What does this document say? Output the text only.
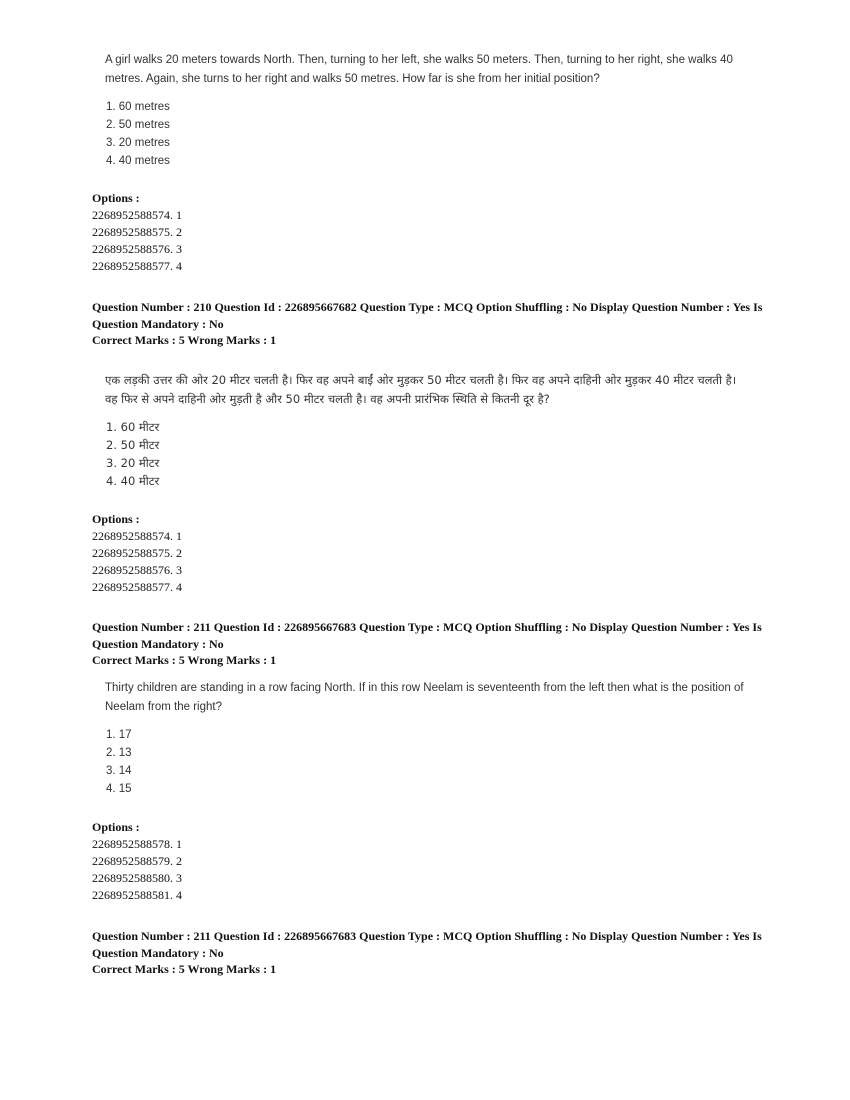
A girl walks 20 meters towards North. Then, turning to her left, she walks 50 meters. Then, turning to her right, she walks 40 metres. Again, she turns to her right and walks 50 metres. How far is she from her initial position?
1. 60 metres
2. 50 metres
3. 20 metres
4. 40 metres
Options :
2268952588574. 1
2268952588575. 2
2268952588576. 3
2268952588577. 4
Question Number : 210 Question Id : 226895667682 Question Type : MCQ Option Shuffling : No Display Question Number : Yes Is
Question Mandatory : No
Correct Marks : 5 Wrong Marks : 1
एक लड़की उत्तर की ओर 20 मीटर चलती है। फिर वह अपने बाईं ओर मुड़कर 50 मीटर चलती है। फिर वह अपने दाहिनी ओर मुड़कर 40 मीटर चलती है। वह फिर से अपने दाहिनी ओर मुड़ती है और 50 मीटर चलती है। वह अपनी प्रारंभिक स्थिति से कितनी दूर है?
1. 60 मीटर
2. 50 मीटर
3. 20 मीटर
4. 40 मीटर
Options :
2268952588574. 1
2268952588575. 2
2268952588576. 3
2268952588577. 4
Question Number : 211 Question Id : 226895667683 Question Type : MCQ Option Shuffling : No Display Question Number : Yes Is
Question Mandatory : No
Correct Marks : 5 Wrong Marks : 1
Thirty children are standing in a row facing North. If in this row Neelam is seventeenth from the left then what is the position of Neelam from the right?
1. 17
2. 13
3. 14
4. 15
Options :
2268952588578. 1
2268952588579. 2
2268952588580. 3
2268952588581. 4
Question Number : 211 Question Id : 226895667683 Question Type : MCQ Option Shuffling : No Display Question Number : Yes Is
Question Mandatory : No
Correct Marks : 5 Wrong Marks : 1
